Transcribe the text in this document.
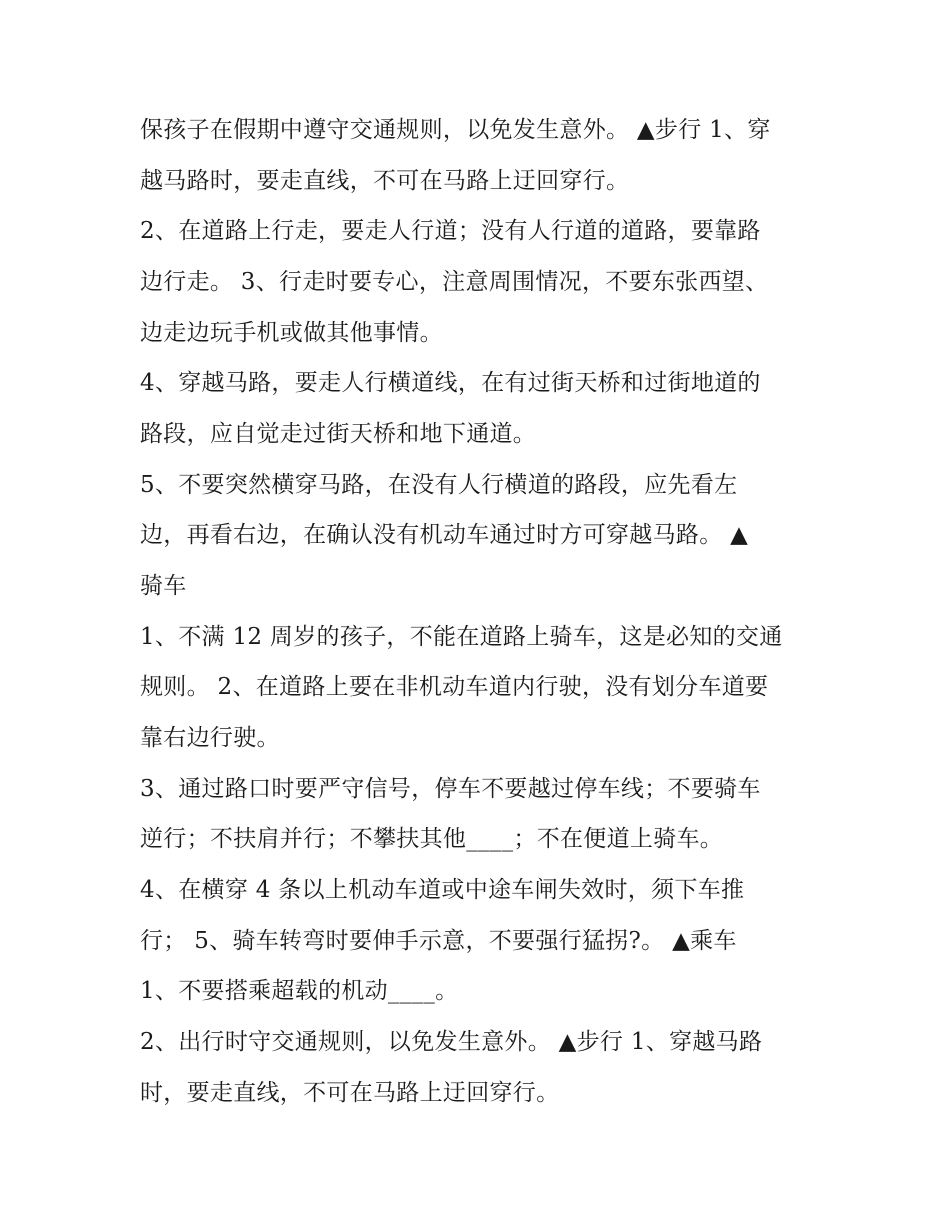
保孩子在假期中遵守交通规则，以免发生意外。 ▲步行 1、穿
越马路时，要走直线，不可在马路上迂回穿行。
2、在道路上行走，要走人行道；没有人行道的道路，要靠路
边行走。 3、行走时要专心，注意周围情况，不要东张西望、
边走边玩手机或做其他事情。
4、穿越马路，要走人行横道线，在有过街天桥和过街地道的
路段，应自觉走过街天桥和地下通道。
5、不要突然横穿马路，在没有人行横道的路段，应先看左
边，再看右边，在确认没有机动车通过时方可穿越马路。 ▲
骑车
1、不满 12 周岁的孩子，不能在道路上骑车，这是必知的交通
规则。 2、在道路上要在非机动车道内行驶，没有划分车道要
靠右边行驶。
3、通过路口时要严守信号，停车不要越过停车线；不要骑车
逆行；不扶肩并行；不攀扶其他____；不在便道上骑车。
4、在横穿 4 条以上机动车道或中途车闸失效时，须下车推
行； 5、骑车转弯时要伸手示意，不要强行猛拐?。 ▲乘车
1、不要搭乘超载的机动____。
2、出行时守交通规则，以免发生意外。 ▲步行 1、穿越马路
时，要走直线，不可在马路上迂回穿行。
